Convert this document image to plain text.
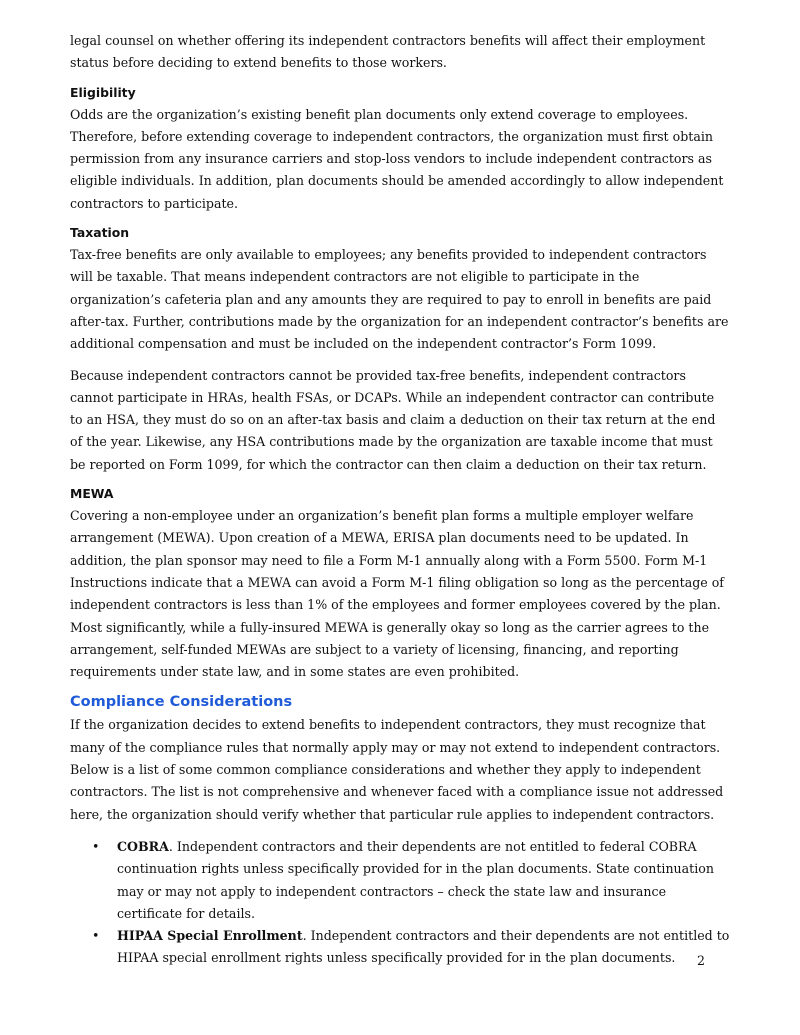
legal counsel on whether offering its independent contractors benefits will affect their employment status before deciding to extend benefits to those workers.

Eligibility

Odds are the organization’s existing benefit plan documents only extend coverage to employees. Therefore, before extending coverage to independent contractors, the organization must first obtain permission from any insurance carriers and stop-loss vendors to include independent contractors as eligible individuals. In addition, plan documents should be amended accordingly to allow independent contractors to participate.

Taxation

Tax-free benefits are only available to employees; any benefits provided to independent contractors will be taxable. That means independent contractors are not eligible to participate in the organization’s cafeteria plan and any amounts they are required to pay to enroll in benefits are paid after-tax. Further, contributions made by the organization for an independent contractor’s benefits are additional compensation and must be included on the independent contractor’s Form 1099.

Because independent contractors cannot be provided tax-free benefits, independent contractors cannot participate in HRAs, health FSAs, or DCAPs. While an independent contractor can contribute to an HSA, they must do so on an after-tax basis and claim a deduction on their tax return at the end of the year. Likewise, any HSA contributions made by the organization are taxable income that must be reported on Form 1099, for which the contractor can then claim a deduction on their tax return.

MEWA

Covering a non-employee under an organization’s benefit plan forms a multiple employer welfare arrangement (MEWA). Upon creation of a MEWA, ERISA plan documents need to be updated. In addition, the plan sponsor may need to file a Form M-1 annually along with a Form 5500. Form M-1 Instructions indicate that a MEWA can avoid a Form M-1 filing obligation so long as the percentage of independent contractors is less than 1% of the employees and former employees covered by the plan. Most significantly, while a fully-insured MEWA is generally okay so long as the carrier agrees to the arrangement, self-funded MEWAs are subject to a variety of licensing, financing, and reporting requirements under state law, and in some states are even prohibited.

Compliance Considerations

If the organization decides to extend benefits to independent contractors, they must recognize that many of the compliance rules that normally apply may or may not extend to independent contractors. Below is a list of some common compliance considerations and whether they apply to independent contractors. The list is not comprehensive and whenever faced with a compliance issue not addressed here, the organization should verify whether that particular rule applies to independent contractors.

• COBRA. Independent contractors and their dependents are not entitled to federal COBRA continuation rights unless specifically provided for in the plan documents. State continuation may or may not apply to independent contractors – check the state law and insurance certificate for details.
• HIPAA Special Enrollment. Independent contractors and their dependents are not entitled to HIPAA special enrollment rights unless specifically provided for in the plan documents.	2
